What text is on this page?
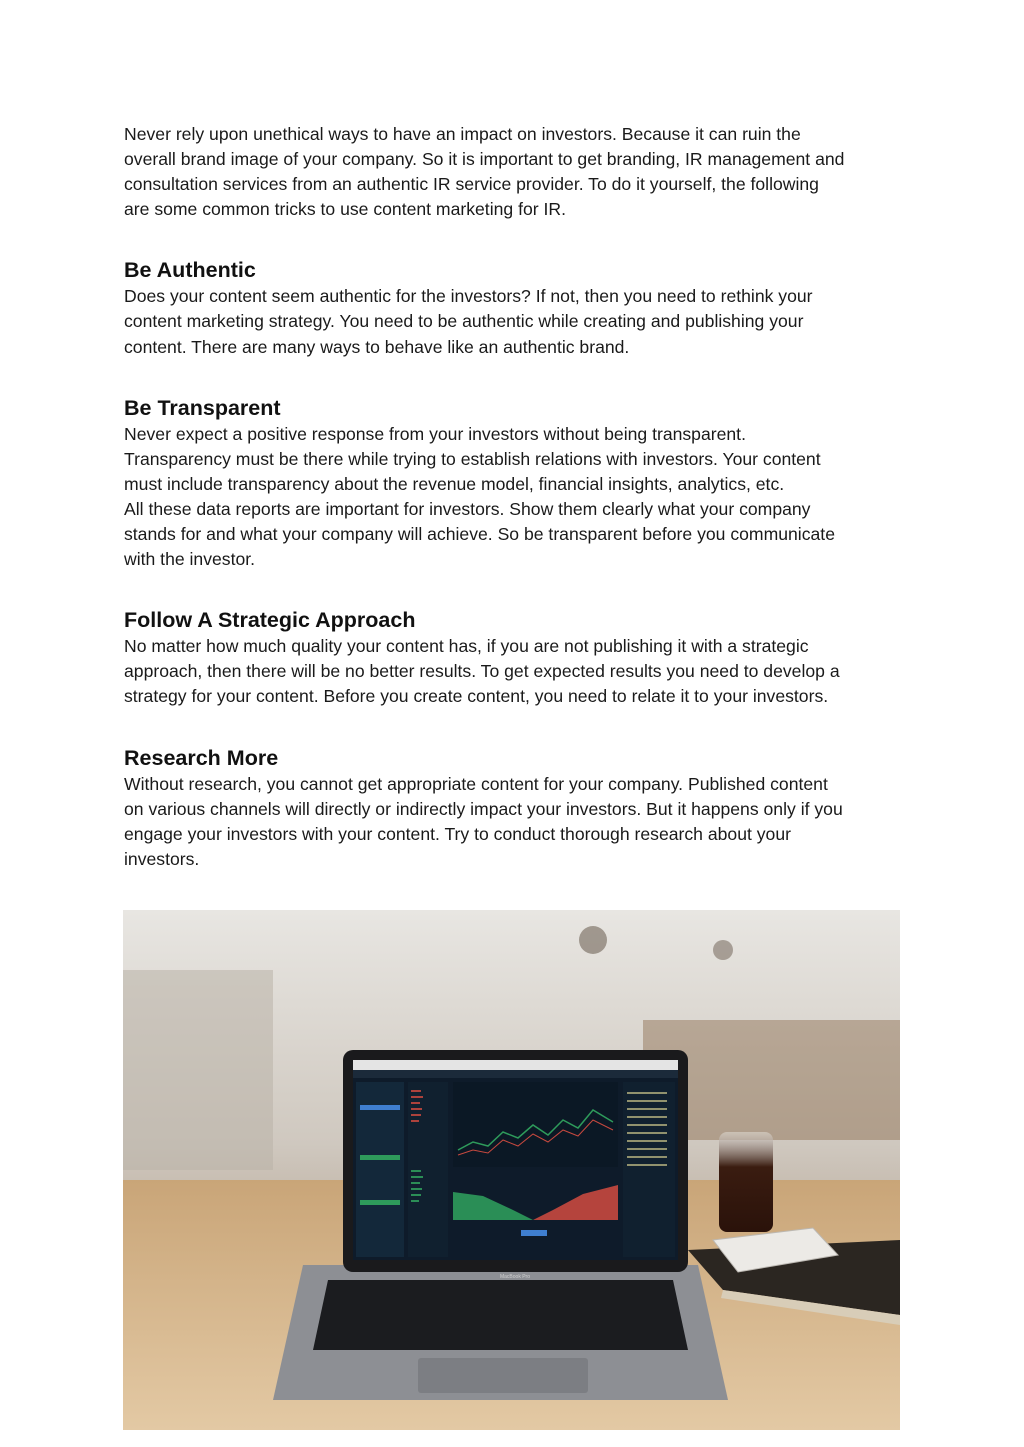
Never rely upon unethical ways to have an impact on investors. Because it can ruin the
overall brand image of your company. So it is important to get branding, IR management and
consultation services from an authentic IR service provider. To do it yourself, the following
are some common tricks to use content marketing for IR.

Be Authentic

Does your content seem authentic for the investors? If not, then you need to rethink your
content marketing strategy. You need to be authentic while creating and publishing your
content. There are many ways to behave like an authentic brand.

Be Transparent

Never expect a positive response from your investors without being transparent.
Transparency must be there while trying to establish relations with investors. Your content
must include transparency about the revenue model, financial insights, analytics, etc.
All these data reports are important for investors. Show them clearly what your company
stands for and what your company will achieve. So be transparent before you communicate
with the investor.

Follow A Strategic Approach

No matter how much quality your content has, if you are not publishing it with a strategic
approach, then there will be no better results. To get expected results you need to develop a
strategy for your content. Before you create content, you need to relate it to your investors.

Research More

Without research, you cannot get appropriate content for your company. Published content
on various channels will directly or indirectly impact your investors. But it happens only if you
engage your investors with your content. Try to conduct thorough research about your
investors.

MacBook Pro
